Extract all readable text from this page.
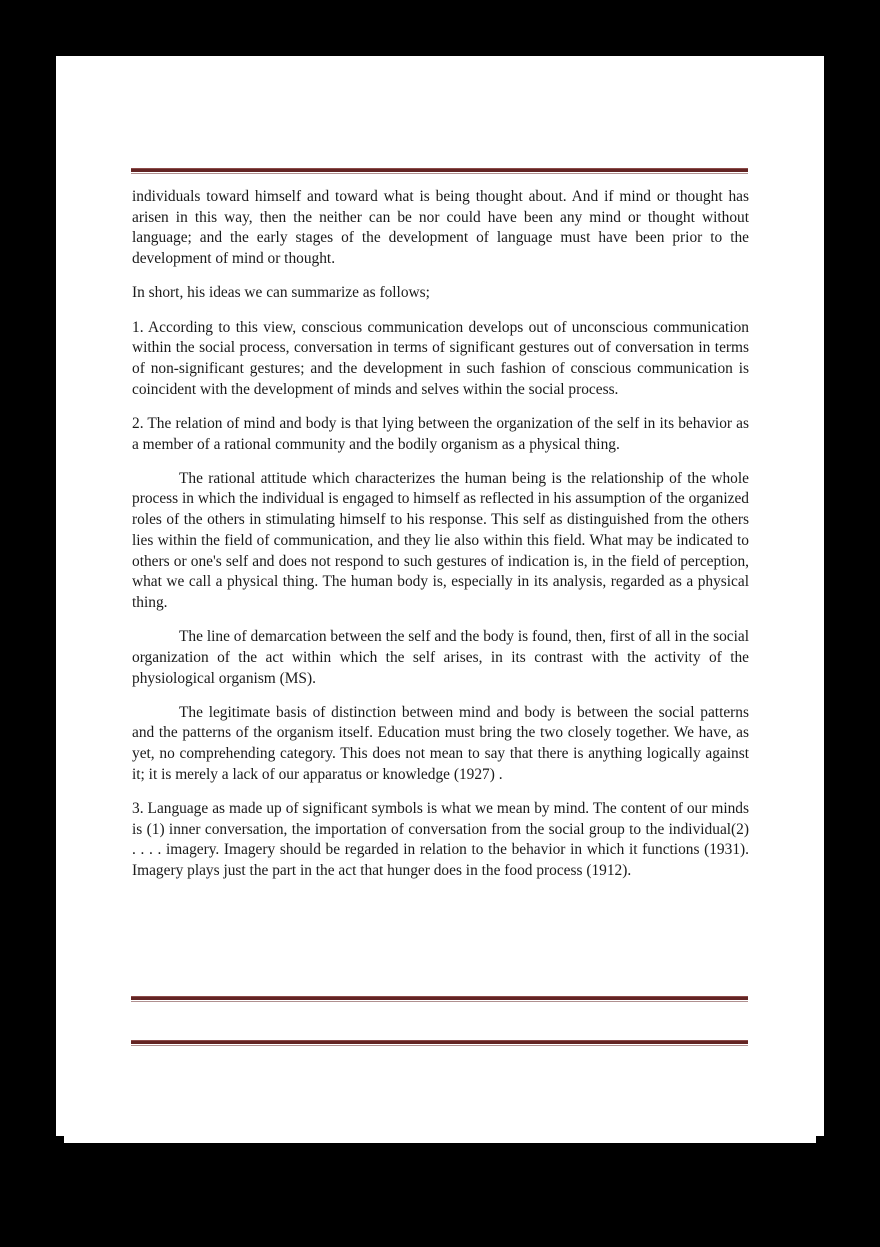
individuals toward himself and toward what is being thought about. And if mind or thought has arisen in this way, then the neither can be nor could have been any mind or thought without language; and the early stages of the development of language must have been prior to the development of mind or thought.

In short, his ideas we can summarize as follows;

1. According to this view, conscious communication develops out of unconscious communication within the social process, conversation in terms of significant gestures out of conversation in terms of non-significant gestures; and the development in such fashion of conscious communication is coincident with the development of minds and selves within the social process.

2. The relation of mind and body is that lying between the organization of the self in its behavior as a member of a rational community and the bodily organism as a physical thing.

The rational attitude which characterizes the human being is the relationship of the whole process in which the individual is engaged to himself as reflected in his assumption of the organized roles of the others in stimulating himself to his response. This self as distinguished from the others lies within the field of communication, and they lie also within this field. What may be indicated to others or one's self and does not respond to such gestures of indication is, in the field of perception, what we call a physical thing. The human body is, especially in its analysis, regarded as a physical thing.

The line of demarcation between the self and the body is found, then, first of all in the social organization of the act within which the self arises, in its contrast with the activity of the physiological organism (MS).

The legitimate basis of distinction between mind and body is between the social patterns and the patterns of the organism itself. Education must bring the two closely together. We have, as yet, no comprehending category. This does not mean to say that there is anything logically against it; it is merely a lack of our apparatus or knowledge (1927) .

3. Language as made up of significant symbols is what we mean by mind. The content of our minds is (1) inner conversation, the importation of conversation from the social group to the individual(2) . . . . imagery. Imagery should be regarded in relation to the behavior in which it functions (1931). Imagery plays just the part in the act that hunger does in the food process (1912).
